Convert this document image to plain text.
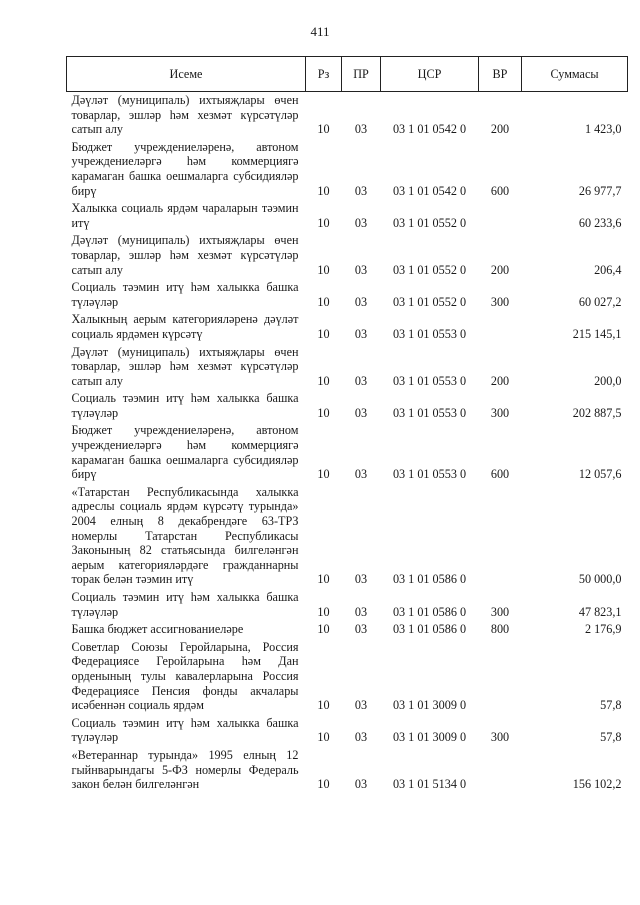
411
Исеме	Рз	ПР	ЦСР	ВР	Суммасы
Дәүләт (муниципаль) ихтыяҗлары өчен товарлар, эшләр һәм хезмәт күрсәтүләр сатып алу	10	03	03 1 01 0542 0	200	1 423,0
Бюджет учреждениеләренә, автоном учреждениеләргә һәм коммерциягә карамаган башка оешмаларга субсидияләр бирү	10	03	03 1 01 0542 0	600	26 977,7
Халыкка социаль ярдәм чараларын тәэмин итү	10	03	03 1 01 0552 0		60 233,6
Дәүләт (муниципаль) ихтыяҗлары өчен товарлар, эшләр һәм хезмәт күрсәтүләр сатып алу	10	03	03 1 01 0552 0	200	206,4
Социаль тәэмин итү һәм халыкка башка түләүләр	10	03	03 1 01 0552 0	300	60 027,2
Халыкның аерым категорияләренә дәүләт социаль ярдәмен күрсәтү	10	03	03 1 01 0553 0		215 145,1
Дәүләт (муниципаль) ихтыяҗлары өчен товарлар, эшләр һәм хезмәт күрсәтүләр сатып алу	10	03	03 1 01 0553 0	200	200,0
Социаль тәэмин итү һәм халыкка башка түләүләр	10	03	03 1 01 0553 0	300	202 887,5
Бюджет учреждениеләренә, автоном учреждениеләргә һәм коммерциягә карамаган башка оешмаларга субсидияләр бирү	10	03	03 1 01 0553 0	600	12 057,6
«Татарстан Республикасында халыкка адреслы социаль ярдәм күрсәтү турында» 2004 елның 8 декабрендәге 63-ТРЗ номерлы Татарстан Республикасы Законының 82 статьясында билгеләнгән аерым категорияләрдәге гражданнарны торак белән тәэмин итү	10	03	03 1 01 0586 0		50 000,0
Социаль тәэмин итү һәм халыкка башка түләүләр	10	03	03 1 01 0586 0	300	47 823,1
Башка бюджет ассигнованиеләре	10	03	03 1 01 0586 0	800	2 176,9
Советлар Союзы Геройларына, Россия Федерациясе Геройларына һәм Дан орденының тулы кавалерларына Россия Федерациясе Пенсия фонды акчалары исәбеннән социаль ярдәм	10	03	03 1 01 3009 0		57,8
Социаль тәэмин итү һәм халыкка башка түләүләр	10	03	03 1 01 3009 0	300	57,8
«Ветераннар турында» 1995 елның 12 гыйнварындагы 5-ФЗ номерлы Федераль закон белән билгеләнгән	10	03	03 1 01 5134 0		156 102,2
